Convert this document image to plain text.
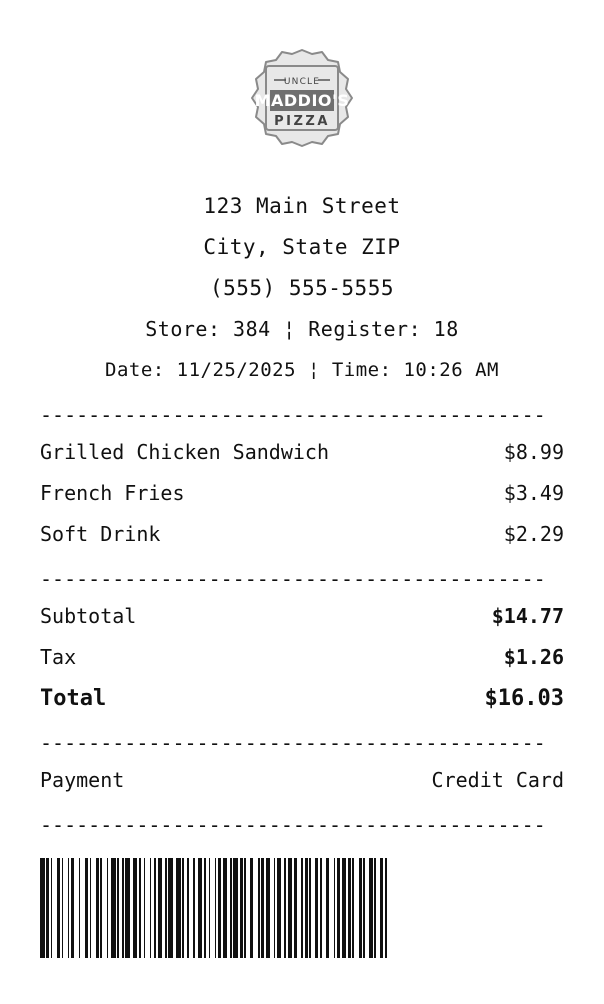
UNCLE
MADDIO'S
PIZZA
123 Main Street
City, State ZIP
(555) 555-5555
Store: 384 ¦ Register: 18
Date: 11/25/2025 ¦ Time: 10:26 AM
------------------------------------------
Grilled Chicken Sandwich	$8.99
French Fries	$3.49
Soft Drink	$2.29
------------------------------------------
Subtotal	$14.77
Tax	$1.26
Total	$16.03
------------------------------------------
Payment	Credit Card
------------------------------------------
